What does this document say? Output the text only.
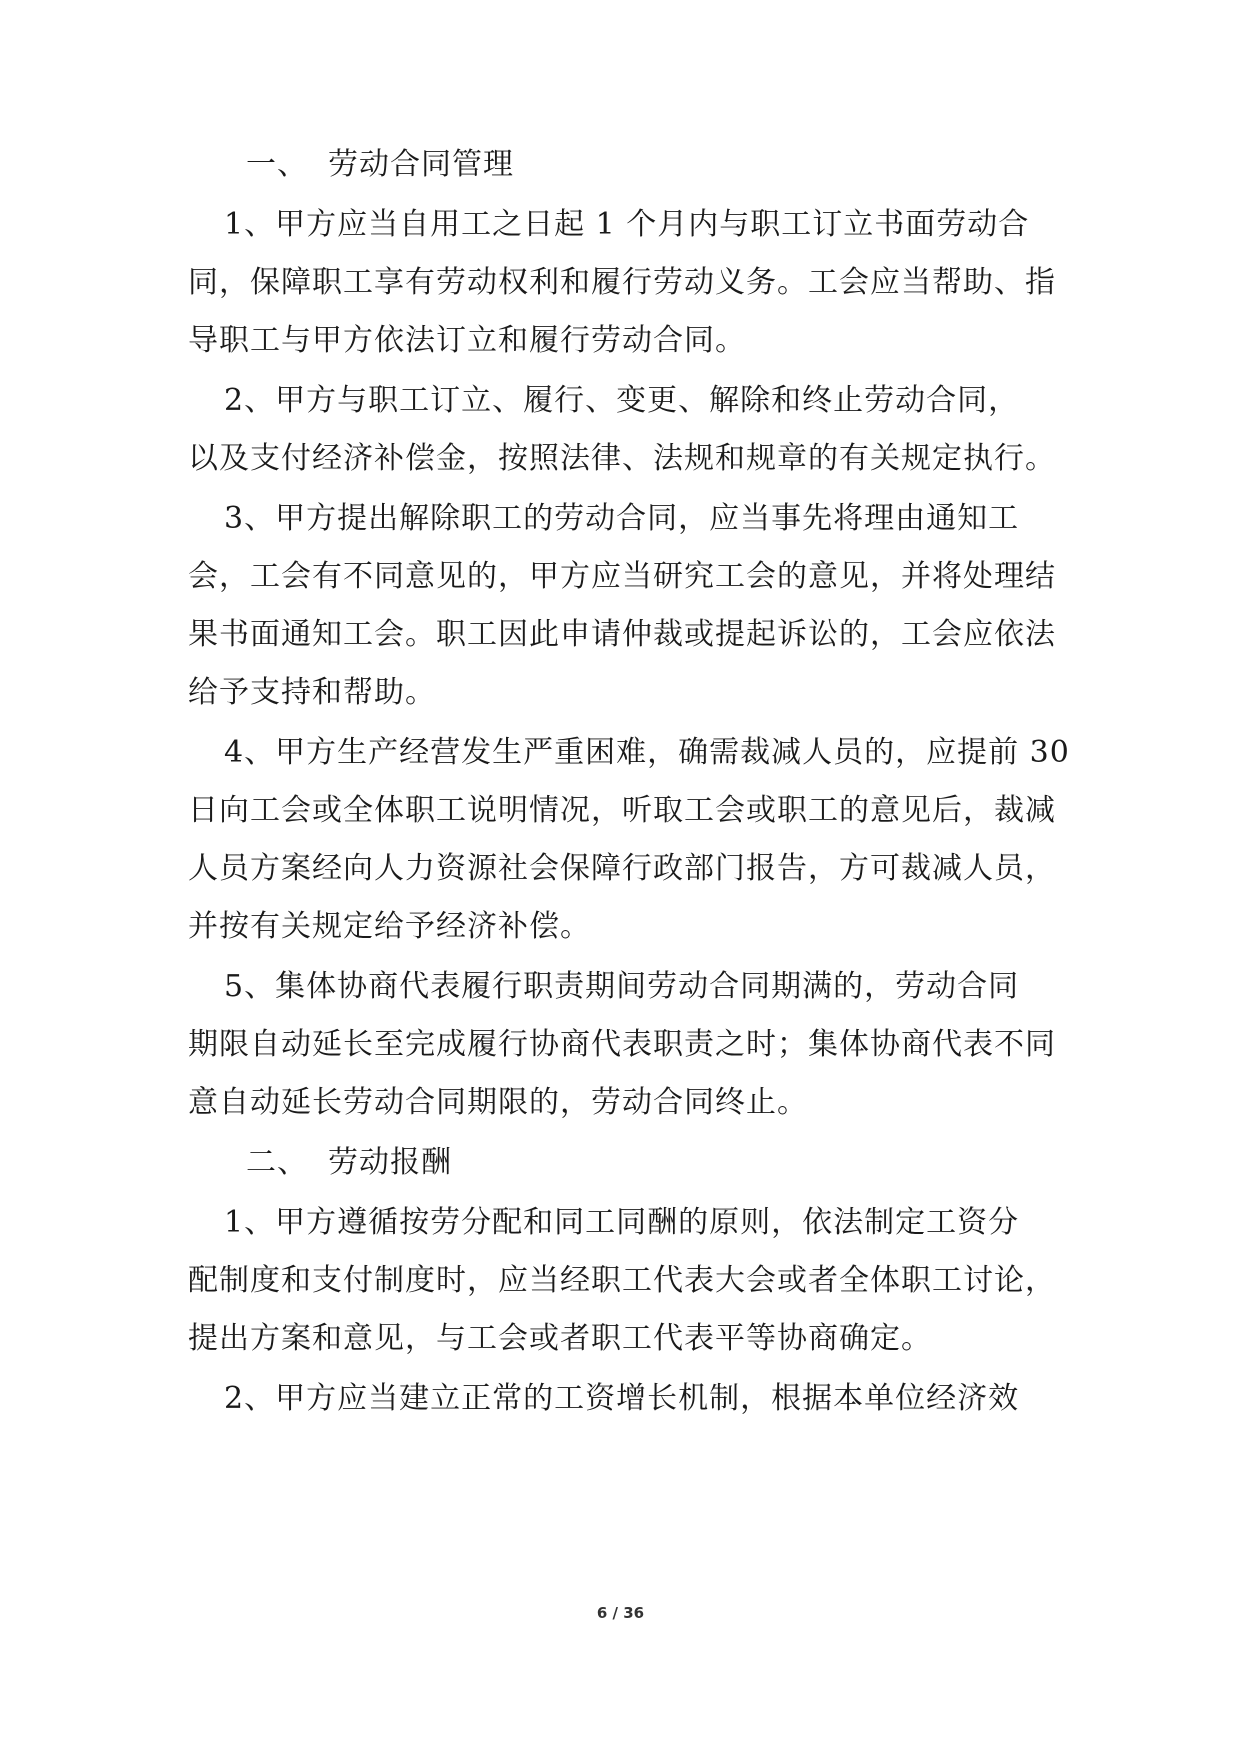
一、 劳动合同管理
1、甲方应当自用工之日起 1 个月内与职工订立书面劳动合
同，保障职工享有劳动权利和履行劳动义务。工会应当帮助、指
导职工与甲方依法订立和履行劳动合同。
2、甲方与职工订立、履行、变更、解除和终止劳动合同，
以及支付经济补偿金，按照法律、法规和规章的有关规定执行。
3、甲方提出解除职工的劳动合同，应当事先将理由通知工
会，工会有不同意见的，甲方应当研究工会的意见，并将处理结
果书面通知工会。职工因此申请仲裁或提起诉讼的，工会应依法
给予支持和帮助。
4、甲方生产经营发生严重困难，确需裁减人员的，应提前 30
日向工会或全体职工说明情况，听取工会或职工的意见后，裁减
人员方案经向人力资源社会保障行政部门报告，方可裁减人员，
并按有关规定给予经济补偿。
5、集体协商代表履行职责期间劳动合同期满的，劳动合同
期限自动延长至完成履行协商代表职责之时；集体协商代表不同
意自动延长劳动合同期限的，劳动合同终止。
二、 劳动报酬
1、甲方遵循按劳分配和同工同酬的原则，依法制定工资分
配制度和支付制度时，应当经职工代表大会或者全体职工讨论，
提出方案和意见，与工会或者职工代表平等协商确定。
2、甲方应当建立正常的工资增长机制，根据本单位经济效
6 / 36
